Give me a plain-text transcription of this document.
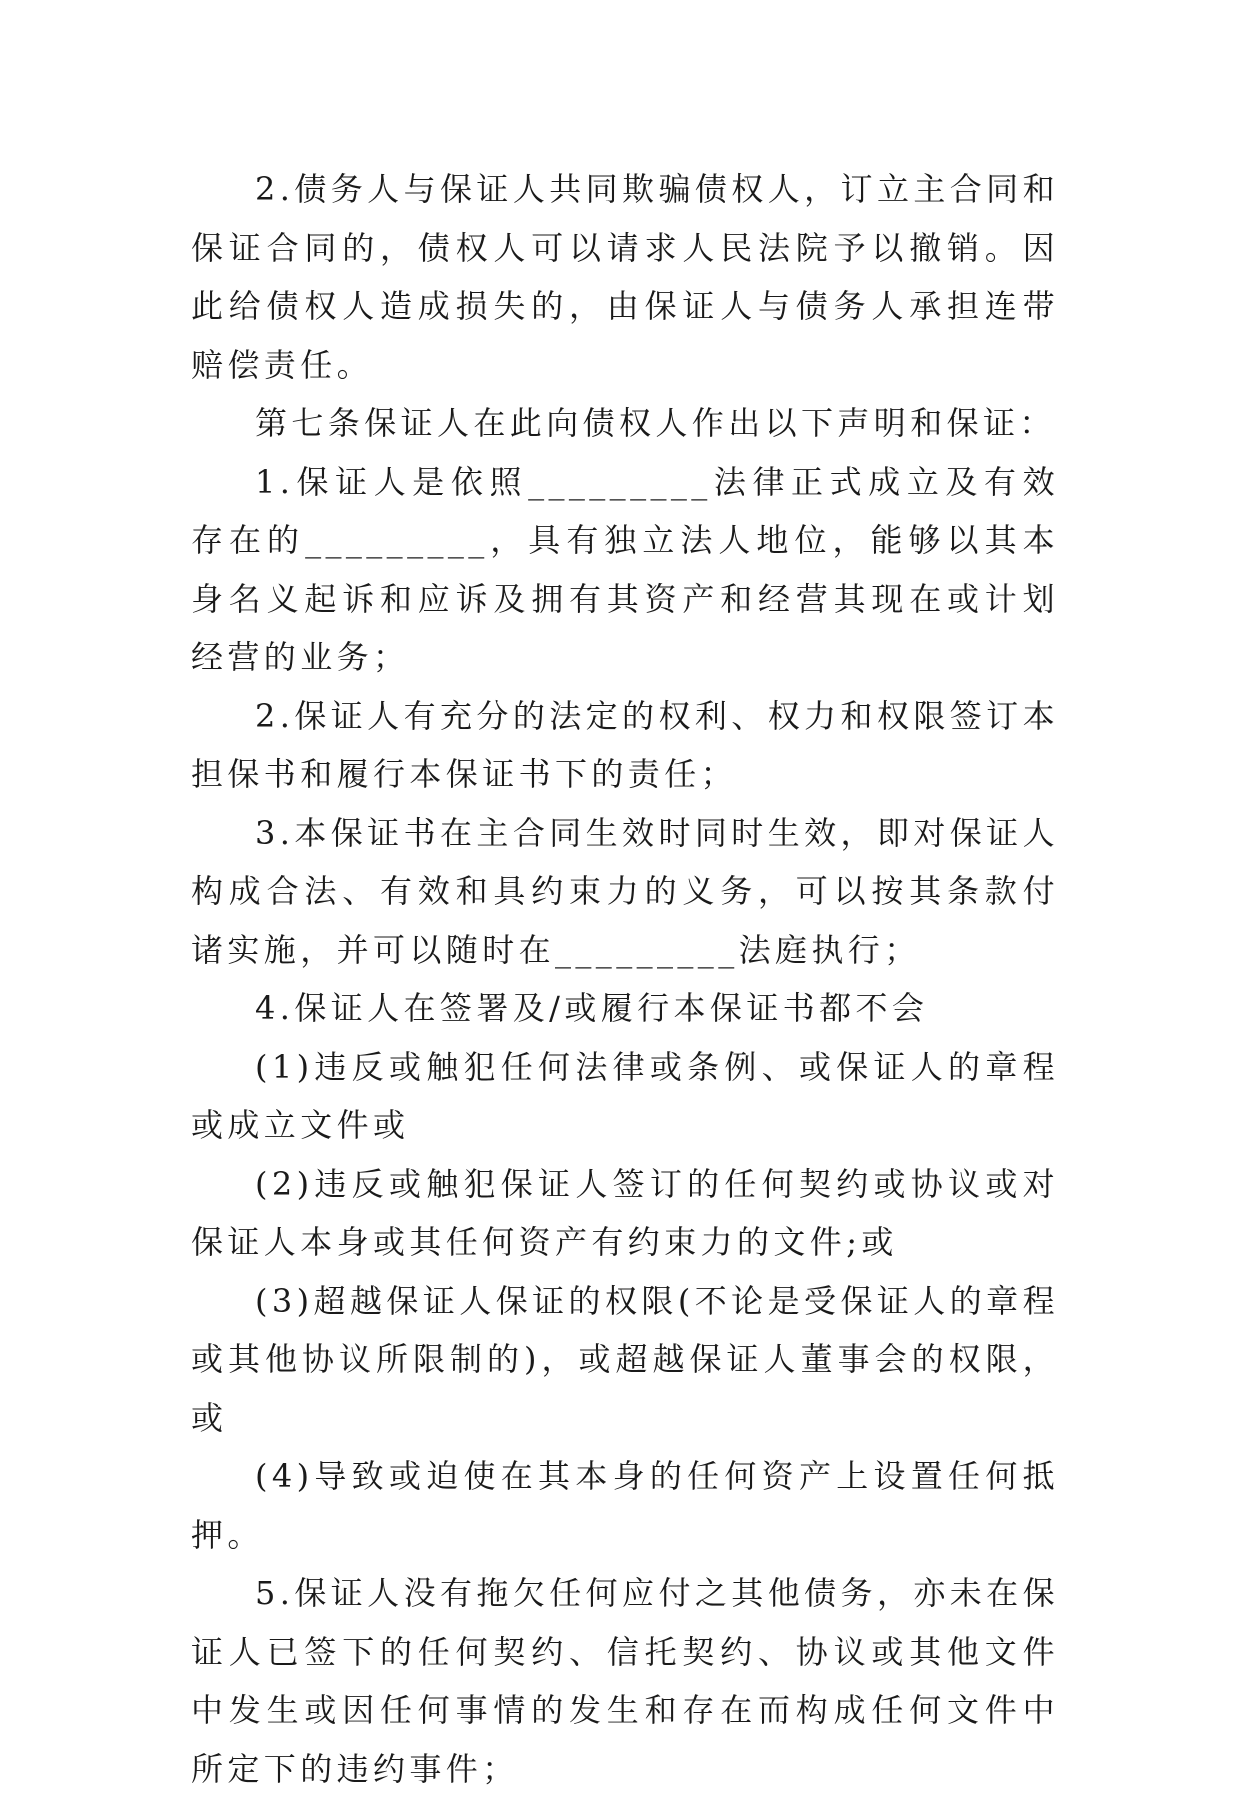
2.债务人与保证人共同欺骗债权人，订立主合同和保证合同的，债权人可以请求人民法院予以撤销。因此给债权人造成损失的，由保证人与债务人承担连带赔偿责任。

第七条保证人在此向债权人作出以下声明和保证：

1.保证人是依照_________法律正式成立及有效存在的_________，具有独立法人地位，能够以其本身名义起诉和应诉及拥有其资产和经营其现在或计划经营的业务；

2.保证人有充分的法定的权利、权力和权限签订本担保书和履行本保证书下的责任；

3.本保证书在主合同生效时同时生效，即对保证人构成合法、有效和具约束力的义务，可以按其条款付诸实施，并可以随时在_________法庭执行；

4.保证人在签署及/或履行本保证书都不会

(1)违反或触犯任何法律或条例、或保证人的章程或成立文件或

(2)违反或触犯保证人签订的任何契约或协议或对保证人本身或其任何资产有约束力的文件;或

(3)超越保证人保证的权限(不论是受保证人的章程或其他协议所限制的)，或超越保证人董事会的权限，或

(4)导致或迫使在其本身的任何资产上设置任何抵押。

5.保证人没有拖欠任何应付之其他债务，亦未在保证人已签下的任何契约、信托契约、协议或其他文件中发生或因任何事情的发生和存在而构成任何文件中所定下的违约事件；
